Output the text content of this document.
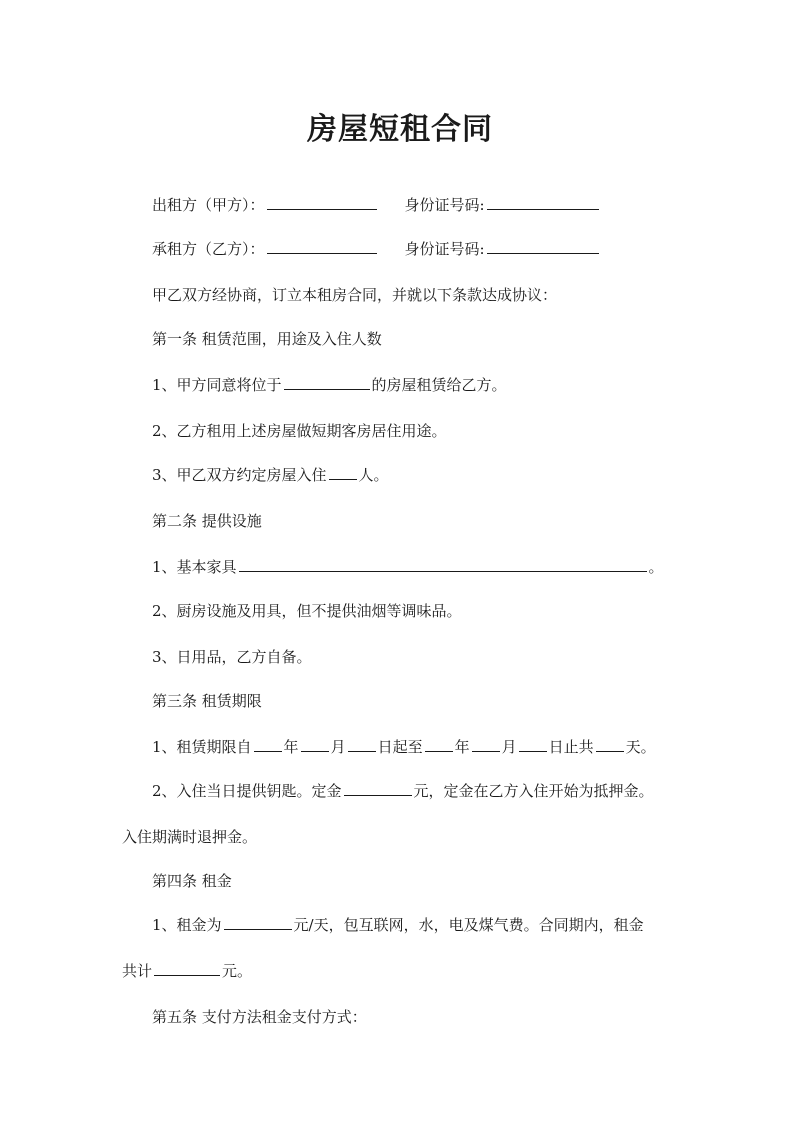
房屋短租合同
出租方（甲方）：	身份证号码:
承租方（乙方）：	身份证号码:
甲乙双方经协商，订立本租房合同，并就以下条款达成协议：
第一条 租赁范围，用途及入住人数
1、甲方同意将位于	的房屋租赁给乙方。
2、乙方租用上述房屋做短期客房居住用途。
3、甲乙双方约定房屋入住 人。
第二条 提供设施
1、基本家具	。
2、厨房设施及用具，但不提供油烟等调味品。
3、日用品，乙方自备。
第三条 租赁期限
1、租赁期限自 年 月 日起至 年 月 日止共 天。
2、入住当日提供钥匙。定金	元，定金在乙方入住开始为抵押金。
入住期满时退押金。
第四条 租金
1、租金为	元/天，包互联网，水，电及煤气费。合同期内，租金
共计	元。
第五条 支付方法租金支付方式：
